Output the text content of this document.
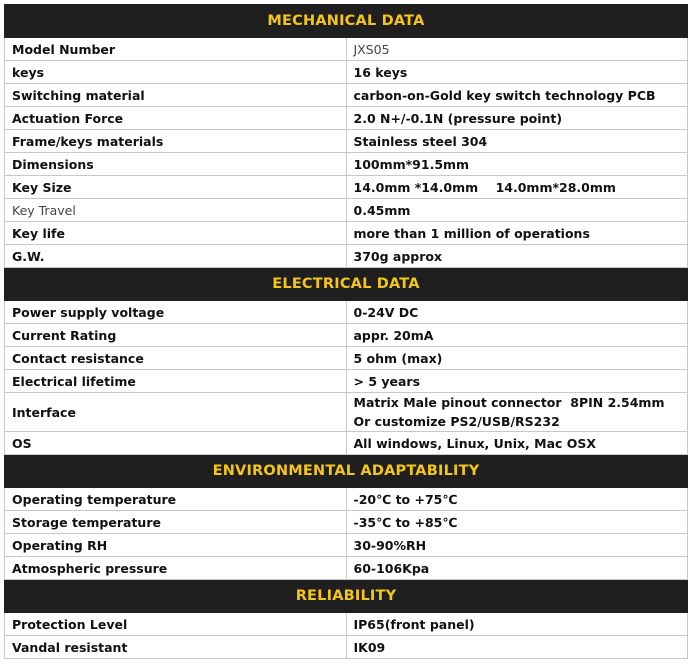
MECHANICAL DATA	
Model Number	JXS05
keys	16 keys
Switching material	carbon-on-Gold key switch technology PCB
Actuation Force	2.0 N+/-0.1N (pressure point)
Frame/keys materials	Stainless steel 304
Dimensions	100mm*91.5mm
Key Size	14.0mm *14.0mm    14.0mm*28.0mm
Key Travel	0.45mm
Key life	more than 1 million of operations
G.W.	370g approx
ELECTRICAL DATA	
Power supply voltage	0-24V DC
Current Rating	appr. 20mA
Contact resistance	5 ohm (max)
Electrical lifetime	> 5 years
Interface	Matrix Male pinout connector  8PIN 2.54mm
Or customize PS2/USB/RS232

OS	All windows, Linux, Unix, Mac OSX
ENVIRONMENTAL ADAPTABILITY	
Operating temperature	-20℃ to +75℃
Storage temperature	-35℃ to +85℃
Operating RH	30-90%RH
Atmospheric pressure	60-106Kpa
RELIABILITY	
Protection Level	IP65(front panel)
Vandal resistant	IK09
